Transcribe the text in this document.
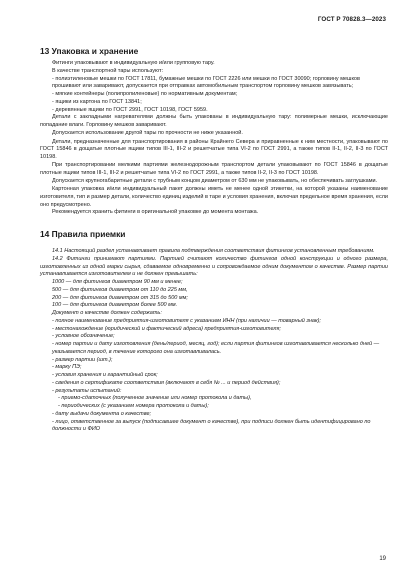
ГОСТ Р 70828.3—2023
13 Упаковка и хранение

Фитинги упаковывают в индивидуальную и/или групповую тару.

В качестве транспортной тары используют:

- полиэтиленовые мешки по ГОСТ 17811, бумажные мешки по ГОСТ 2226 или мешки по ГОСТ 30090; горловину мешков прошивают или заваривают, допускается при отправках автомобильным транспортом горловину мешков завязывать;

- мягкие контейнеры (полипропиленовые) по нормативным документам;

- ящики из картона по ГОСТ 13841;

- деревянные ящики по ГОСТ 2991, ГОСТ 10198, ГОСТ 5959.

Детали с закладными нагревателями должны быть упакованы в индивидуальную тару: полимерные мешки, исключающие попадание влаги. Горловину мешков заваривают.

Допускается использование другой тары по прочности не ниже указанной.

Детали, предназначенные для транспортирования в районы Крайнего Севера и приравненные к ним местности, упаковывают по ГОСТ 15846 в дощатые плотные ящики типов III-1, III-2 и решетчатые типа VI-2 по ГОСТ 2991, а также типов II-1, II-2, II-3 по ГОСТ 10198.

При транспортировании мелкими партиями железнодорожным транспортом детали упаковывают по ГОСТ 15846 в дощатые плотные ящики типов III-1, III-2 и решетчатые типа VI-2 по ГОСТ 2991, а также типов II-2, II-3 по ГОСТ 10198.

Допускается крупногабаритные детали с трубным концом диаметром от 630 мм не упаковывать, но обеспечивать заглушками.

Картонная упаковка и/или индивидуальный пакет должны иметь не менее одной этикетки, на которой указаны наименование изготовителя, тип и размер детали, количество единиц изделий в таре и условия хранения, включая предельное время хранения, если оно предусмотрено.

Рекомендуется хранить фитинги в оригинальной упаковке до момента монтажа.

14 Правила приемки

14.1 Настоящий раздел устанавливает правила подтверждения соответствия фитингов установленным требованиям.

14.2 Фитинги принимают партиями. Партией считают количество фитингов одной конструкции и одного размера, изготовленных из одной марки сырья, сдаваемое одновременно и сопровождаемое одним документом о качестве. Размер партии устанавливается изготовителем и не должен превышать:

1000 — для фитингов диаметром 90 мм и менее;

500 — для фитингов диаметром от 110 до 225 мм,

200 — для фитингов диаметром от 315 до 500 мм;

100 — для фитингов диаметром более 500 мм.

Документ о качестве должен содержать:

- полное наименование предприятия-изготовителя с указанием ИНН (при наличии — товарный знак);

- местонахождение (юридический и фактический адреса) предприятия-изготовителя;

- условное обозначение;

- номер партии и дату изготовления (день/период, месяц, год); если партия фитингов изготавливается несколько дней — указывается период, в течение которого она изготавливалась.

- размер партии (шт.);

- марку ПЭ;

- условия хранения и гарантийный срок;

- сведения о сертификате соответствия (включают в себя № ... и период действия);

- результаты испытаний:

- приемо-сдаточных (полученное значение или номер протокола и даты),

- периодических (с указанием номера протокола и даты);

- дату выдачи документа о качестве;

- лицо, ответственное за выпуск (подписавшее документ о качестве), при подписи должен быть идентифицировано по должности и ФИО

19
